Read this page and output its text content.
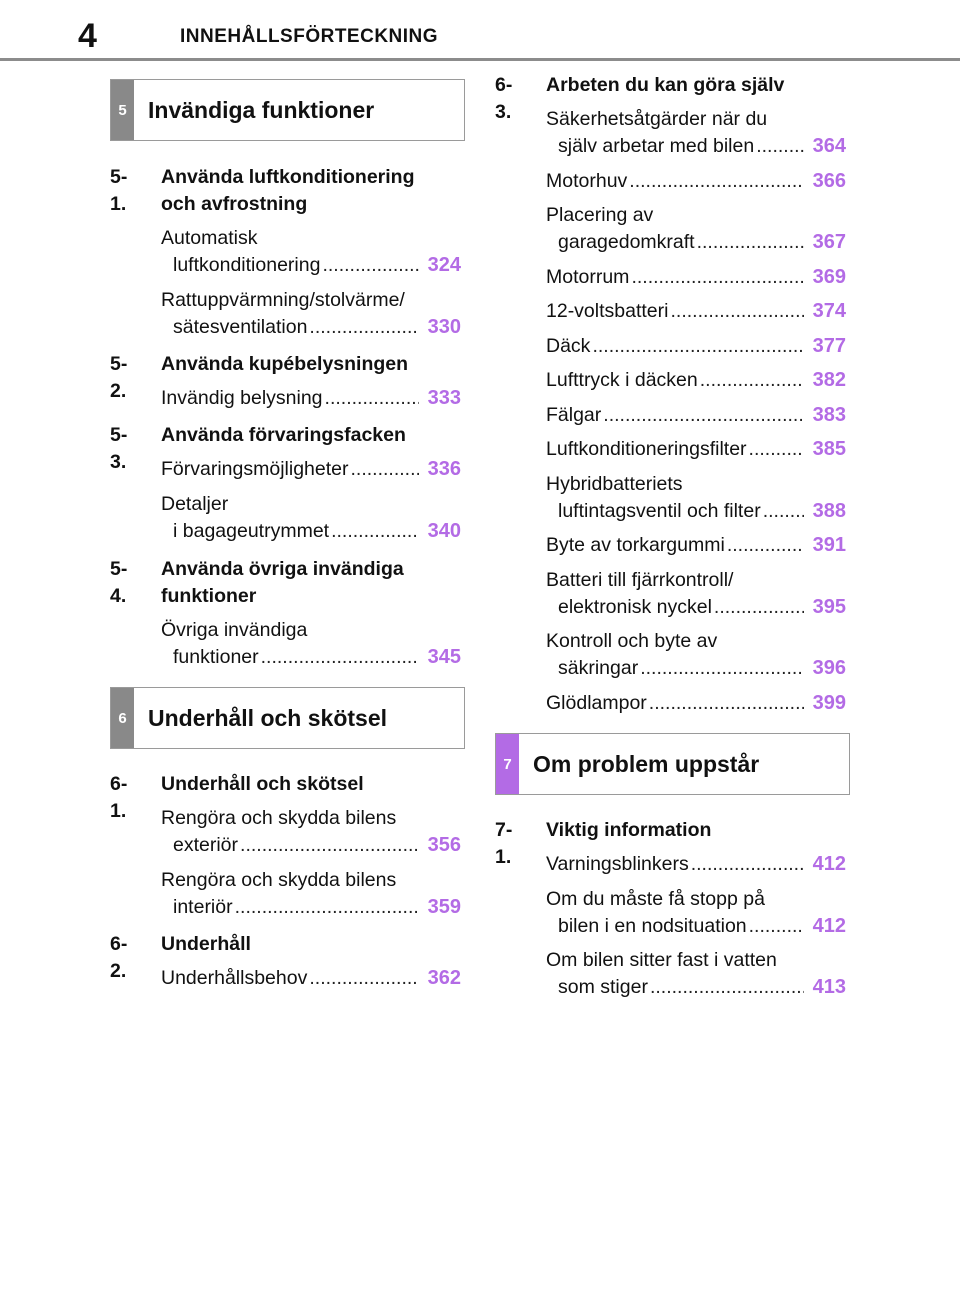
4	INNEHÅLLSFÖRTECKNING
5 Invändiga funktioner
5-1.
Använda luftkonditionering
och avfrostning
Automatisk
luftkonditionering .....	324
Rattuppvärmning/stolvärme/
sätesventilation .....	330
5-2.
Använda kupébelysningen
Invändig belysning .....	333
5-3.
Använda förvaringsfacken
Förvaringsmöjligheter .....	336
Detaljer
i bagageutrymmet .....	340
5-4.
Använda övriga invändiga
funktioner
Övriga invändiga
funktioner .....	345
6 Underhåll och skötsel
6-1.
Underhåll och skötsel
Rengöra och skydda bilens
exteriör .....	356
Rengöra och skydda bilens
interiör .....	359
6-2.
Underhåll
Underhållsbehov .....	362
6-3.
Arbeten du kan göra själv
Säkerhetsåtgärder när du
själv arbetar med bilen .....	364
Motorhuv .....	366
Placering av
garagedomkraft .....	367
Motorrum .....	369
12-voltsbatteri .....	374
Däck .....	377
Lufttryck i däcken .....	382
Fälgar .....	383
Luftkonditioneringsfilter .....	385
Hybridbatteriets
luftintagsventil och filter .....	388
Byte av torkargummi .....	391
Batteri till fjärrkontroll/
elektronisk nyckel .....	395
Kontroll och byte av
säkringar .....	396
Glödlampor .....	399
7 Om problem uppstår
7-1.
Viktig information
Varningsblinkers .....	412
Om du måste få stopp på
bilen i en nodsituation .....	412
Om bilen sitter fast i vatten
som stiger .....	413
